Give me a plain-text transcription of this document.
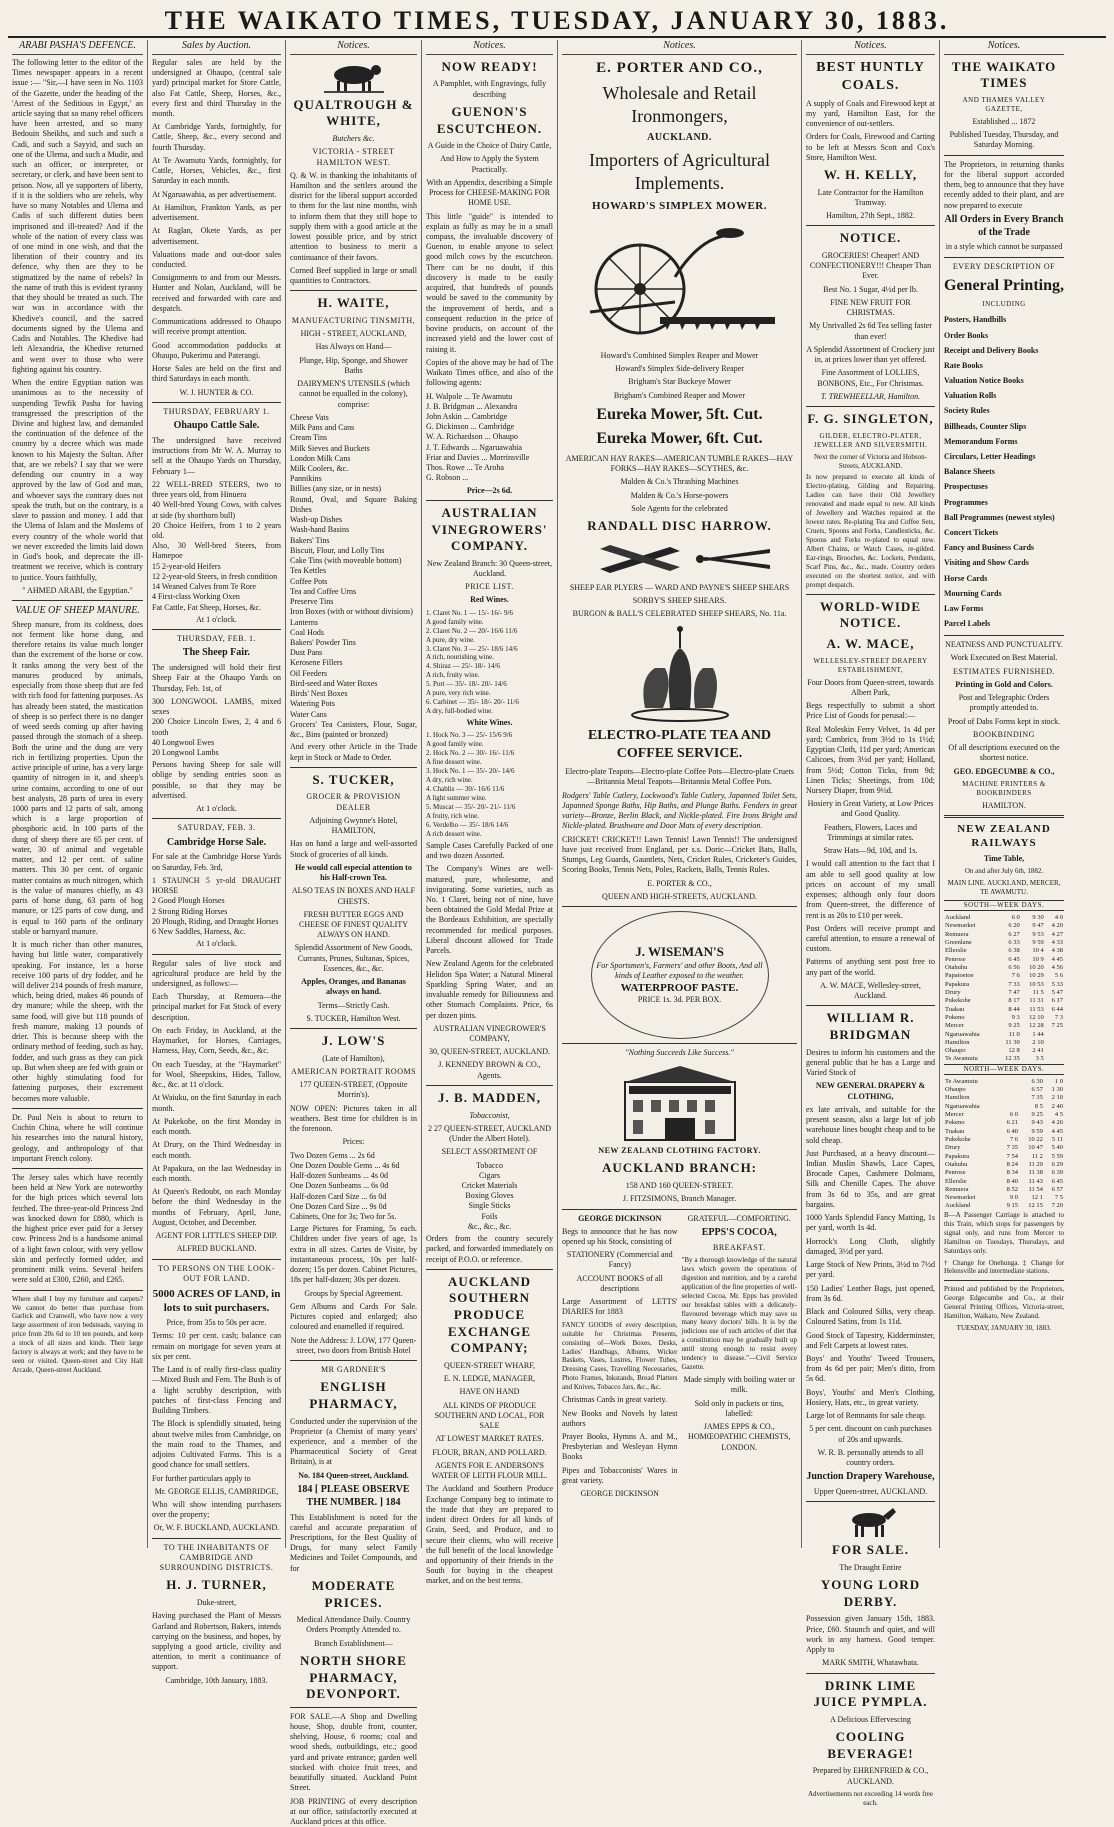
THE WAIKATO TIMES, TUESDAY, JANUARY 30, 1883.
ARABI PASHA'S DEFENCE.

The following letter to the editor of the Times newspaper appears in a recent issue :— "Sir,—I have seen in No. 1103 of the Gazette, under the heading of the 'Arrest of the Seditious in Egypt,' an article saying that so many rebel officers have been arrested, and so many Bedouin Sheikhs, and such and such a Cadi, and such a Sayyid, and such an one of the Ulema, and such a Mudir, and such an officer, or interpreter, or secretary, or clerk, and have been sent to prison. Now, all ye supporters of liberty, if it is the soldiers who are rebels, why have so many Notables and Ulema and Cadis of such different duties been imprisoned and ill-treated? And if the whole of the nation of every class was of one mind in one wish, and that the liberation of their country and its defence, why then are they to be stigmatized by the name of rebels? In the name of truth this is evident tyranny that they should be treated as such. The war was in accordance with the Khedive's council, and the sacred documents signed by the Ulema and Cadis and Notables. The Khedive had left Alexandria, the Khedive returned and went over to those who were fighting against his country.

When the entire Egyptian nation was unanimous as to the necessity of suspending Tewfik Pasha for having transgressed the prescription of the Divine and highest law, and demanded the continuation of the defence of the country by a decree which was made known to his Majesty the Sultan. After that, are we rebels? I say that we were defending our country in a way approved by the law of God and man, and whoever says the contrary does not speak the truth, but on the contrary, is a slave to passion and money. I add that the Ulema of Islam and the Moslems of every country of the whole world that we never exceeded the limits laid down in God's book, and deprecate the ill-treatment we receive, which is contrary to justice. Yours faithfully,

" AHMED ARABI, the Egyptian."

VALUE OF SHEEP MANURE.

Sheep manure, from its coldness, does not ferment like horse dung, and therefore retains its value much longer than the excrement of the horse or cow. It ranks among the very best of the manures produced by animals, especially from those sheep that are fed with rich food for fattening purposes. As has already been stated, the mastication of sheep is so perfect there is no danger of weed seeds coming up after having passed through the stomach of a sheep. Both the urine and the dung are very rich in fertilizing properties. Upon the active principle of urine, has a very large quantity of nitrogen in it, and sheep's urine contains, according to one of our best analysts, 28 parts of urea in every 1000 parts and 12 parts of salt, among which is a large proportion of phosphoric acid. In 100 parts of the dung of sheep there are 65 per cent. of water, 30 of animal and vegetable matter, and 12 per cent. of saline matters. This 30 per cent. of organic matter contains as much nitrogen, which is the value of manures chiefly, as 43 parts of horse dung, 63 parts of hog manure, or 125 parts of cow dung, and is equal to 160 parts of the ordinary stable or barnyard manure.

It is much richer than other manures, having but little water, comparatively speaking. For instance, let a horse receive 100 parts of dry fodder, and he will deliver 214 pounds of fresh manure, which, being dried, makes 46 pounds of dry manure; while the sheep, with the same food, will give but 118 pounds of fresh manure, making 13 pounds of drier. This is because sheep with the ordinary method of feeding, such as hay, fodder, and such grass as they can pick up. But when sheep are fed with grain or other highly stimulating food for fattening purposes, their excrement becomes more valuable.

Dr. Paul Neis is about to return to Cochin China, where he will continue his researches into the natural history, geology, and anthropology of that important French colony.

The Jersey sales which have recently been held at New York are noteworthy for the high prices which several lots fetched. The three-year-old Princess 2nd was knocked down for £880, which is the highest price ever paid for a Jersey cow. Princess 2nd is a handsome animal of a light fawn colour, with very yellow skin and perfectly formed udder, and prominent milk veins. Several heifers were sold at £300, £260, and £265.

Where shall I buy my furniture and carpets? We cannot do better than purchase from Garlick and Cranwell, who have now a very large assortment of iron bedsteads, varying in price from 20s 6d to 10 ten pounds, and keep a stock of all sizes and kinds. Their large factory is always at work; and they have to be seen or visited. Queen-street and City Hall Arcade, Queen-street Auckland.

Sales by Auction.

Regular sales are held by the undersigned at Ohaupo, (central sale yard) principal market for Store Cattle, also Fat Cattle, Sheep, Horses, &c., every first and third Thursday in the month.

At Cambridge Yards, fortnightly, for Cattle, Sheep, &c., every second and fourth Thursday.

At Te Awamutu Yards, fortnightly, for Cattle, Horses, Vehicles, &c., first Saturday in each month.

At Ngaruawahia, as per advertisement.

At Hamilton, Frankton Yards, as per advertisement.

At Raglan, Okete Yards, as per advertisement.

Valuations made and out-door sales conducted.

Consignments to and from our Messrs. Hunter and Nolan, Auckland, will be received and forwarded with care and despatch.

Communications addressed to Ohaupo will receive prompt attention.

Good accommodation paddocks at Ohaupo, Pukerimu and Paterangi.

Horse Sales are held on the first and third Saturdays in each month.

W. J. HUNTER & CO.

THURSDAY, FEBRUARY 1.

Ohaupo Cattle Sale.

The undersigned have received instructions from Mr W. A. Murray to sell at the Ohaupo Yards on Thursday, February 1—

22 WELL-BRED STEERS, two to three years old, from Hinuera
40 Well-bred Young Cows, with calves at side (by shorthorn bull)
20 Choice Heifers, from 1 to 2 years old.
Also, 30 Well-bred Steers, from Hamepoe
15 2-year-old Heifers
12 2-year-old Steers, in fresh condition
14 Weaned Calves from Te Rore
4 First-class Working Oxen
Fat Cattle, Fat Sheep, Horses, &c.

At 1 o'clock.

THURSDAY, FEB. 1.

The Sheep Fair.

The undersigned will hold their first Sheep Fair at the Ohaupo Yards on Thursday, Feb. 1st, of

300 LONGWOOL LAMBS, mixed sexes
200 Choice Lincoln Ewes, 2, 4 and 6 tooth
40 Longwool Ewes
20 Longwool Lambs

Persons having Sheep for sale will oblige by sending entries soon as possible, so that they may be advertised.

At 1 o'clock.

SATURDAY, FEB. 3.

Cambridge Horse Sale.

For sale at the Cambridge Horse Yards on Saturday, Feb. 3rd,

1 STAUNCH 5 yr-old DRAUGHT HORSE
2 Good Plough Horses
2 Strong Riding Horses
20 Plough, Riding, and Draught Horses
6 New Saddles, Harness, &c.

At 1 o'clock.

Regular sales of live stock and agricultural produce are held by the undersigned, as follows:—

Each Thursday, at Remuera—the principal market for Fat Stock of every description.

On each Friday, in Auckland, at the Haymarket, for Horses, Carriages, Harness, Hay, Corn, Seeds, &c., &c.

On each Tuesday, at the "Haymarket" for Wool, Sheepskins, Hides, Tallow, &c., &c. at 11 o'clock.

At Waiuku, on the first Saturday in each month.

At Pukekohe, on the first Monday in each month.

At Drury, on the Third Wednesday in each month.

At Papakura, on the last Wednesday in each month.

At Queen's Redoubt, on each Monday before the third Wednesday in the months of February, April, June, August, October, and December.

AGENT FOR LITTLE'S SHEEP DIP.

ALFRED BUCKLAND.

TO PERSONS ON THE LOOK-OUT FOR LAND.

5000 ACRES OF LAND, in lots to suit purchasers.

Price, from 35s to 50s per acre.

Terms: 10 per cent. cash; balance can remain on mortgage for seven years at six per cent.

The Land is of really first-class quality—Mixed Bush and Fern. The Bush is of a light scrubby description, with patches of first-class Fencing and Building Timbers.

The Block is splendidly situated, being about twelve miles from Cambridge, on the main road to the Thames, and adjoins Cultivated Farms. This is a good chance for small settlers.

For further particulars apply to

Mr. GEORGE ELLIS, CAMBRIDGE,

Who will show intending purchasers over the property;

Or, W. F. BUCKLAND, AUCKLAND.

TO THE INHABITANTS OF CAMBRIDGE AND SURROUNDING DISTRICTS.

H. J. TURNER,

Duke-street,

Having purchased the Plant of Messrs Garland and Robertson, Bakers, intends carrying on the business, and hopes, by supplying a good article, civility and attention, to merit a continuance of support.

Cambridge, 10th January, 1883.

Notices.

QUALTROUGH & WHITE,

Butchers &c.

VICTORIA - STREET HAMILTON WEST.

Q. & W. in thanking the inhabitants of Hamilton and the settlers around the district for the liberal support accorded to them for the last nine months, wish to inform them that they still hope to supply them with a good article at the lowest possible price, and by strict attention to business to merit a continuance of their favors.

Corned Beef supplied in large or small quantities to Contractors.

H. WAITE,

MANUFACTURING TINSMITH,

HIGH - STREET, AUCKLAND,

Has Always on Hand—

Plunge, Hip, Sponge, and Shower Baths

DAIRYMEN'S UTENSILS (which cannot be equalled in the colony), comprise:

Cheese Vats
Milk Pans and Cans
Cream Tins
Milk Sieves and Buckets
London Milk Cans
Milk Coolers, &c.
Pannikins
Billies (any size, or in nests)
Round, Oval, and Square Baking Dishes
Wash-up Dishes
Wash-hand Basins
Bakers' Tins
Biscuit, Flour, and Lolly Tins
Cake Tins (with moveable bottom)
Tea Kettles
Coffee Pots
Tea and Coffee Urns
Preserve Tins
Iron Boxes (with or without divisions)
Lanterns
Coal Hods
Bakers' Powder Tins
Dust Pans
Kerosene Fillers
Oil Feeders
Bird-seed and Water Boxes
Birds' Nest Boxes
Watering Pots
Water Cans
Grocers' Tea Canisters, Flour, Sugar, &c., Bins (painted or bronzed)

And every other Article in the Trade kept in Stock or Made to Order.

S. TUCKER,

GROCER & PROVISION DEALER

Adjoining Gwynne's Hotel, HAMILTON,

Has on hand a large and well-assorted Stock of groceries of all kinds.

He would call especial attention to his Half-crown Tea.

ALSO TEAS IN BOXES AND HALF CHESTS.

FRESH BUTTER EGGS AND CHEESE OF FINEST QUALITY ALWAYS ON HAND.

Splendid Assortment of New Goods, Currants, Prunes, Sultanas, Spices, Essences, &c., &c.

Apples, Oranges, and Bananas always on hand.

Terms—Strictly Cash.

S. TUCKER, Hamilton West.

J. LOW'S

(Late of Hamilton),

AMERICAN PORTRAIT ROOMS

177 QUEEN-STREET, (Opposite Morrin's).

NOW OPEN: Pictures taken in all weathers. Best time for children is in the forenoon.

Prices:

Two Dozen Gems ... 2s 6d
One Dozen Double Gems ... 4s 6d
Half-dozen Sunbeams ... 4s 0d
One Dozen Sunbeams ... 6s 0d
Half-dozen Card Size ... 6s 0d
One Dozen Card Size ... 9s 0d
Cabinets, One for 3s; Two for 5s.

Large Pictures for Framing, 5s each. Children under five years of age, 1s extra in all sizes. Cartes de Visite, by instantaneous process, 10s per half-dozen; 15s per dozen. Cabinet Pictures, 18s per half-dozen; 30s per dozen.

Groups by Special Agreement.

Gem Albums and Cards For Sale. Pictures copied and enlarged; also coloured and enamelled if required.

Note the Address: J. LOW, 177 Queen-street, two doors from British Hotel

MR GARDNER'S

ENGLISH PHARMACY,

Conducted under the supervision of the Proprietor (a Chemist of many years' experience, and a member of the Pharmaceutical Society of Great Britain), is at

No. 184 Queen-street, Auckland.

184 [ PLEASE OBSERVE THE NUMBER. ] 184

This Establishment is noted for the careful and accurate preparation of Prescriptions, for the Best Quality of Drugs, for many select Family Medicines and Toilet Compounds, and for

MODERATE PRICES.

Medical Attendance Daily. Country Orders Promptly Attended to.

Branch Establishment—

NORTH SHORE PHARMACY, DEVONPORT.

FOR SALE.—A Shop and Dwelling house, Shop, double front, counter, shelving, House, 6 rooms; coal and wood sheds, outbuildings, etc.; good yard and private entrance; garden well stocked with choice fruit trees, and beautifully situated. Auckland Point Street.

JOB PRINTING of every description at our office, satisfactorily executed at Auckland prices at this office.

Notices.

NOW READY!

A Pamphlet, with Engravings, fully describing

GUENON'S ESCUTCHEON.

A Guide in the Choice of Dairy Cattle,

And How to Apply the System Practically.

With an Appendix, describing a Simple Process for CHEESE-MAKING FOR HOME USE.

This little "guide" is intended to explain as fully as may be in a small compass, the invaluable discovery of Guenon, to enable anyone to select good milch cows by the escutcheon. There can be no doubt, if this discovery is made to be easily acquired, that hundreds of pounds would be saved to the community by the improvement of herds, and a consequent reduction in the price of bovine products, on account of the increased yield and the lower cost of raising it.

Copies of the above may be had of The Waikato Times office, and also of the following agents:

H. Walpole ... Te Awamutu
J. B. Bridgman ... Alexandra
John Askin ... Cambridge
G. Dickinson ... Cambridge
W. A. Richardson ... Ohaupo
J. T. Edwards ... Ngaruawahia
Friar and Davies ... Morrinsville
Thos. Rowe ... Te Aroha
G. Robson ...

Price—2s 6d.

AUSTRALIAN VINEGROWERS' COMPANY.

New Zealand Branch: 30 Queen-street, Auckland.

PRICE LIST.

Red Wines.

1. Claret No. 1 — 15/- 16/- 9/6
A good family wine.
2. Claret No. 2 — 20/- 16/6 11/6
A pure, dry wine.
3. Claret No. 3 — 25/- 18/6 14/6
A rich, nourishing wine.
4. Shiraz — 25/- 18/- 14/6
A rich, fruity wine.
5. Port — 35/- 18/- 20/- 14/6
A pure, very rich wine.
6. Carbinet — 35/- 18/- 20/- 11/6
A dry, full-bodied wine.

White Wines.

1. Hock No. 3 — 25/- 15/6 9/6
A good family wine.
2. Hock No. 2 — 30/- 16/- 11/6
A fine dessert wine.
3. Hock No. 1 — 35/- 20/- 14/6
A dry, rich wine.
4. Chablis — 30/- 16/6 11/6
A light summer wine.
5. Muscat — 35/- 20/- 21/- 11/6
A fruity, rich wine.
6. Verdelho — 35/- 18/6 14/6
A rich dessert wine.

Sample Cases Carefully Packed of one and two dozen Assorted.

The Company's Wines are well-matured, pure, wholesome, and invigorating. Some varieties, such as No. 1 Claret, being not of nine, have been obtained the Gold Medal Prize at the Bordeaux Exhibition, are specially recommended for medical purposes. Liberal discount allowed for Trade Parcels.

New Zealand Agents for the celebrated Helidon Spa Water; a Natural Mineral Sparkling Spring Water, and an invaluable remedy for Biliousness and other Stomach Complaints. Price, 6s per dozen pints.

AUSTRALIAN VINEGROWER'S COMPANY,

30, QUEEN-STREET, AUCKLAND.

J. KENNEDY BROWN & CO., Agents.

J. B. MADDEN,

Tobacconist,

2 27 QUEEN-STREET, AUCKLAND (Under the Albert Hotel).

SELECT ASSORTMENT OF

Tobacco
Cigars
Cricket Materials
Boxing Gloves
Single Sticks
Foils
&c., &c., &c.

Orders from the country securely packed, and forwarded immediately on receipt of P.O.O. or reference.

AUCKLAND SOUTHERN PRODUCE EXCHANGE COMPANY;

QUEEN-STREET WHARF,

E. N. LEDGE, MANAGER,

HAVE ON HAND

ALL KINDS OF PRODUCE SOUTHERN AND LOCAL, FOR SALE

AT LOWEST MARKET RATES.

FLOUR, BRAN, AND POLLARD.

AGENTS FOR E. ANDERSON'S WATER OF LEITH FLOUR MILL.

The Auckland and Southern Produce Exchange Company beg to intimate to the trade that they are prepared to indent direct Orders for all kinds of Grain, Seed, and Produce, and to secure their clients, who will receive the full benefit of the local knowledge and opportunity of their friends in the South for buying in the cheapest market, and on the best terms.

Notices.

E. PORTER AND CO.,

Wholesale and Retail Ironmongers,

AUCKLAND.

Importers of Agricultural Implements.

HOWARD'S SIMPLEX MOWER.

Howard's Combined Simplex Reaper and Mower

Howard's Simplex Side-delivery Reaper

Brigham's Star Buckeye Mower

Brigham's Combined Reaper and Mower

Eureka Mower, 5ft. Cut.

Eureka Mower, 6ft. Cut.

AMERICAN HAY RAKES—AMERICAN TUMBLE RAKES—HAY FORKS—HAY RAKES—SCYTHES, &c.

Malden & Co.'s Thrashing Machines

Malden & Co.'s Horse-powers

Sole Agents for the celebrated

RANDALL DISC HARROW.

SHEEP EAR PLYERS — WARD AND PAYNE'S SHEEP SHEARS

SORBY'S SHEEP SHEARS.

BURGON & BALL'S CELEBRATED SHEEP SHEARS, No. 11a.

ELECTRO-PLATE TEA AND COFFEE SERVICE.

Electro-plate Teapots—Electro-plate Coffee Pots—Electro-plate Cruets—Britannia Metal Teapots—Britannia Metal Coffee Pots.

Rodgers' Table Cutlery, Lockwood's Table Cutlery, Japanned Toilet Sets, Japanned Sponge Baths, Hip Baths, and Plunge Baths. Fenders in great variety—Bronze, Berlin Black, and Nickle-plated. Fire Irons Bright and Nickle-plated. Brushware and Door Mats of every description.

CRICKET! CRICKET!! Lawn Tennis! Lawn Tennis!! The undersigned have just received from England, per s.s. Doric—Cricket Bats, Balls, Stumps, Leg Guards, Gauntlets, Nets, Cricket Rules, Cricketer's Guides, Scoring Books, Tennis Nets, Poles, Rackets, Balls, Tennis Rules.

E. PORTER & CO.,

QUEEN AND HIGH-STREETS, AUCKLAND.

J. WISEMAN'S
For Sportsmen's, Farmers' and other Boots, And all kinds of Leather exposed to the weather.
WATERPROOF PASTE.
PRICE 1s. 3d. PER BOX.

"Nothing Succeeds Like Success."

NEW ZEALAND CLOTHING FACTORY.

AUCKLAND BRANCH:

158 AND 160 QUEEN-STREET.

J. FITZSIMONS, Branch Manager.

GEORGE DICKINSON

Begs to announce that he has now opened up his Stock, consisting of

STATIONERY (Commercial and Fancy)

ACCOUNT BOOKS of all descriptions

Large Assortment of LETTS' DIARIES for 1883

FANCY GOODS of every description, suitable for Christmas Presents, consisting of—Work Boxes, Desks, Ladies' Handbags, Albums, Wicker Baskets, Vases, Lustres, Flower Tubes, Dressing Cases, Travelling Necessaries, Photo Frames, Inkstands, Bread Platters and Knives, Tobacco Jars, &c., &c.

Christmas Cards in great variety.

New Books and Novels by latest authors

Prayer Books, Hymns A. and M., Presbyterian and Wesleyan Hymn Books

Pipes and Tobacconists' Wares in great variety.

GEORGE DICKINSON

GRATEFUL—COMFORTING.

EPPS'S COCOA,

BREAKFAST.

"By a thorough knowledge of the natural laws which govern the operations of digestion and nutrition, and by a careful application of the fine properties of well-selected Cocoa, Mr. Epps has provided our breakfast tables with a delicately-flavoured beverage which may save us many heavy doctors' bills. It is by the judicious use of such articles of diet that a constitution may be gradually built up until strong enough to resist every tendency to disease."—Civil Service Gazette.

Made simply with boiling water or milk.

Sold only in packets or tins, labelled:

JAMES EPPS & CO., HOMŒOPATHIC CHEMISTS, LONDON.

Notices.

BEST HUNTLY COALS.

A supply of Coals and Firewood kept at my yard, Hamilton East, for the convenience of out-settlers.

Orders for Coals, Firewood and Carting to be left at Messrs Scott and Cox's Store, Hamilton West.

W. H. KELLY,

Late Contractor for the Hamilton Tramway.

Hamilton, 27th Sept., 1882.

NOTICE.

GROCERIES! Cheaper! AND CONFECTIONERY!!! Cheaper Than Ever.

Best No. 1 Sugar, 4½d per lb.

FINE NEW FRUIT FOR CHRISTMAS.

My Unrivalled 2s 6d Tea selling faster than ever!

A Splendid Assortment of Crockery just in, at prices lower than yet offered.

Fine Assortment of LOLLIES, BONBONS, Etc., For Christmas.

T. TREWHEELLAR, Hamilton.

F. G. SINGLETON,

GILDER, ELECTRO-PLATER, JEWELLER AND SILVERSMITH.

Next the corner of Victoria and Hobson-Streets, AUCKLAND.

Is now prepared to execute all kinds of Electro-plating, Gilding and Repairing. Ladies can have their Old Jewellery renovated and made equal to new. All kinds of Jewellery and Watches repaired at the lowest rates. Re-plating Tea and Coffee Sets, Cruets, Spoons and Forks, Candlesticks, &c. Spoons and Forks re-plated to equal new. Albert Chains, or Watch Cases, re-gilded. Ear-rings, Brooches, &c. Lockets, Pendants, Scarf Pins, &c., &c., made. Country orders executed on the shortest notice, and with prompt despatch.

WORLD-WIDE NOTICE.

A. W. MACE,

WELLESLEY-STREET DRAPERY ESTABLISHMENT,

Four Doors from Queen-street, towards Albert Park,

Begs respectfully to submit a short Price List of Goods for perusal:—

Real Moleskin Ferry Velvet, 1s 4d per yard; Cambrics, from 3½d to 1s 1½d; Egyptian Cloth, 11d per yard; American Calicoes, from 3½d per yard; Holland, from 5½d; Cotton Ticks, from 9d; Linen Ticks; Sheetings, from 10d; Nursery Diaper, from 9½d.

Hosiery in Great Variety, at Low Prices and Good Quality.

Feathers, Flowers, Laces and Trimmings at similar rates.

Straw Hats—9d, 10d, and 1s.

I would call attention to the fact that I am able to sell good quality at low prices on account of my small expenses; although only four doors from Queen-street, the difference of rent is as 20s to £10 per week.

Post Orders will receive prompt and careful attention, to ensure a renewal of custom.

Patterns of anything sent post free to any part of the world.

A. W. MACE, Wellesley-street, Auckland.

WILLIAM R. BRIDGMAN

Desires to inform his customers and the general public that he has a Large and Varied Stock of

NEW GENERAL DRAPERY & CLOTHING,

ex late arrivals, and suitable for the present season, also a large lot of job warehouse lines bought cheap and to be sold cheap.

Just Purchased, at a heavy discount—Indian Muslin Shawls, Lace Capes, Brocade Capes, Cashmere Dolmans, Silk and Chenille Capes. The above from 3s 6d to 35s, and are great bargains.

1000 Yards Splendid Fancy Matting, 1s per yard, worth 1s 4d.

Horrock's Long Cloth, slightly damaged, 3½d per yard.

Large Stock of New Prints, 3½d to 7½d per yard.

150 Ladies' Leather Bags, just opened, from 3s 6d.

Black and Coloured Silks, very cheap. Coloured Satins, from 1s 11d.

Good Stock of Tapestry, Kidderminster, and Felt Carpets at lowest rates.

Boys' and Youths' Tweed Trousers, from 4s 6d per pair; Men's ditto, from 5s 6d.

Boys', Youths' and Men's Clothing, Hosiery, Hats, etc., in great variety.

Large lot of Remnants for sale cheap.

5 per cent. discount on cash purchases of 20s and upwards.

W. R. B. personally attends to all country orders.

Junction Drapery Warehouse,

Upper Queen-street, AUCKLAND.

FOR SALE.

The Draught Entire

YOUNG LORD DERBY.

Possession given January 15th, 1883. Price, £60. Staunch and quiet, and will work in any harness. Good temper. Apply to

MARK SMITH, Whatawhata.

DRINK LIME JUICE PYMPLA.

A Delicious Effervescing

COOLING BEVERAGE!

Prepared by EHRENFRIED & CO., AUCKLAND.

Advertisements not exceeding 14 words free each.

Notices.

THE WAIKATO TIMES

AND THAMES VALLEY GAZETTE,

Established ... 1872

Published Tuesday, Thursday, and Saturday Morning.

The Proprietors, in returning thanks for the liberal support accorded them, beg to announce that they have recently added to their plant, and are now prepared to execute

All Orders in Every Branch of the Trade

in a style which cannot be surpassed

EVERY DESCRIPTION OF

General Printing,

INCLUDING

Posters, Handbills
Order Books
Receipt and Delivery Books
Rate Books
Valuation Notice Books
Valuation Rolls
Society Rules
Billheads, Counter Slips
Memorandum Forms
Circulars, Letter Headings
Balance Sheets
Prospectuses
Programmes
Ball Programmes (newest styles)
Concert Tickets
Fancy and Business Cards
Visiting and Show Cards
Horse Cards
Mourning Cards
Law Forms
Parcel Labels

NEATNESS AND PUNCTUALITY.

Work Executed on Best Material.

ESTIMATES FURNISHED.

Printing in Gold and Colors.

Post and Telegraphic Orders promptly attended to.

Proof of Dabs Forms kept in stock.

BOOKBINDING

Of all descriptions executed on the shortest notice.

GEO. EDGECUMBE & CO.,

MACHINE PRINTERS & BOOKBINDERS

HAMILTON.

NEW ZEALAND RAILWAYS

Time Table,

On and after July 6th, 1882.

MAIN LINE. AUCKLAND, MERCER, TE AWAMUTU.

SOUTH—WEEK DAYS.

Auckland	6 0	9 30	4 0
Newmarket	6 20	9 47	4 20
Remuera	6 27	9 53	4 27
Greenlane	6 33	9 59	4 33
Ellerslie	6 38	10 4	4 38
Penrose	6 45	10 9	4 45
Otahuhu	6 56	10 20	4 56
Papatoetoe	7 6	10 29	5 6
Papakura	7 33	10 53	5 33
Drury	7 47	11 5	5 47
Pukekohe	8 17	11 31	6 17
Tuakau	8 44	11 53	6 44
Pokeno	9 3	12 10	7 3
Mercer	9 25	12 28	7 25
Ngaruawahia	11 0	1 44	
Hamilton	11 30	2 10	
Ohaupo	12 8	2 41	
Te Awamutu	12 35	3 5	

NORTH—WEEK DAYS.

Te Awamutu		6 30	1 0
Ohaupo		6 57	1 30
Hamilton		7 35	2 10
Ngaruawahia		8 5	2 40
Mercer	6 0	9 25	4 5
Pokeno	6 21	9 43	4 26
Tuakau	6 40	9 59	4 45
Pukekohe	7 6	10 22	5 11
Drury	7 35	10 47	5 40
Papakura	7 54	11 2	5 59
Otahuhu	8 24	11 29	6 29
Penrose	8 34	11 38	6 39
Ellerslie	8 40	11 43	6 45
Remuera	8 52	11 54	6 57
Newmarket	9 0	12 1	7 5
Auckland	9 15	12 15	7 20

B—A Passenger Carriage is attached to this Train, which stops for passengers by signal only, and runs from Mercer to Hamilton on Tuesdays, Thursdays, and Saturdays only.

† Change for Onehunga. ‡ Change for Helensville and intermediate stations.

Printed and published by the Proprietors, George Edgecumbe and Co., at their General Printing Offices, Victoria-street, Hamilton, Waikato, New Zealand.

TUESDAY, JANUARY 30, 1883.
